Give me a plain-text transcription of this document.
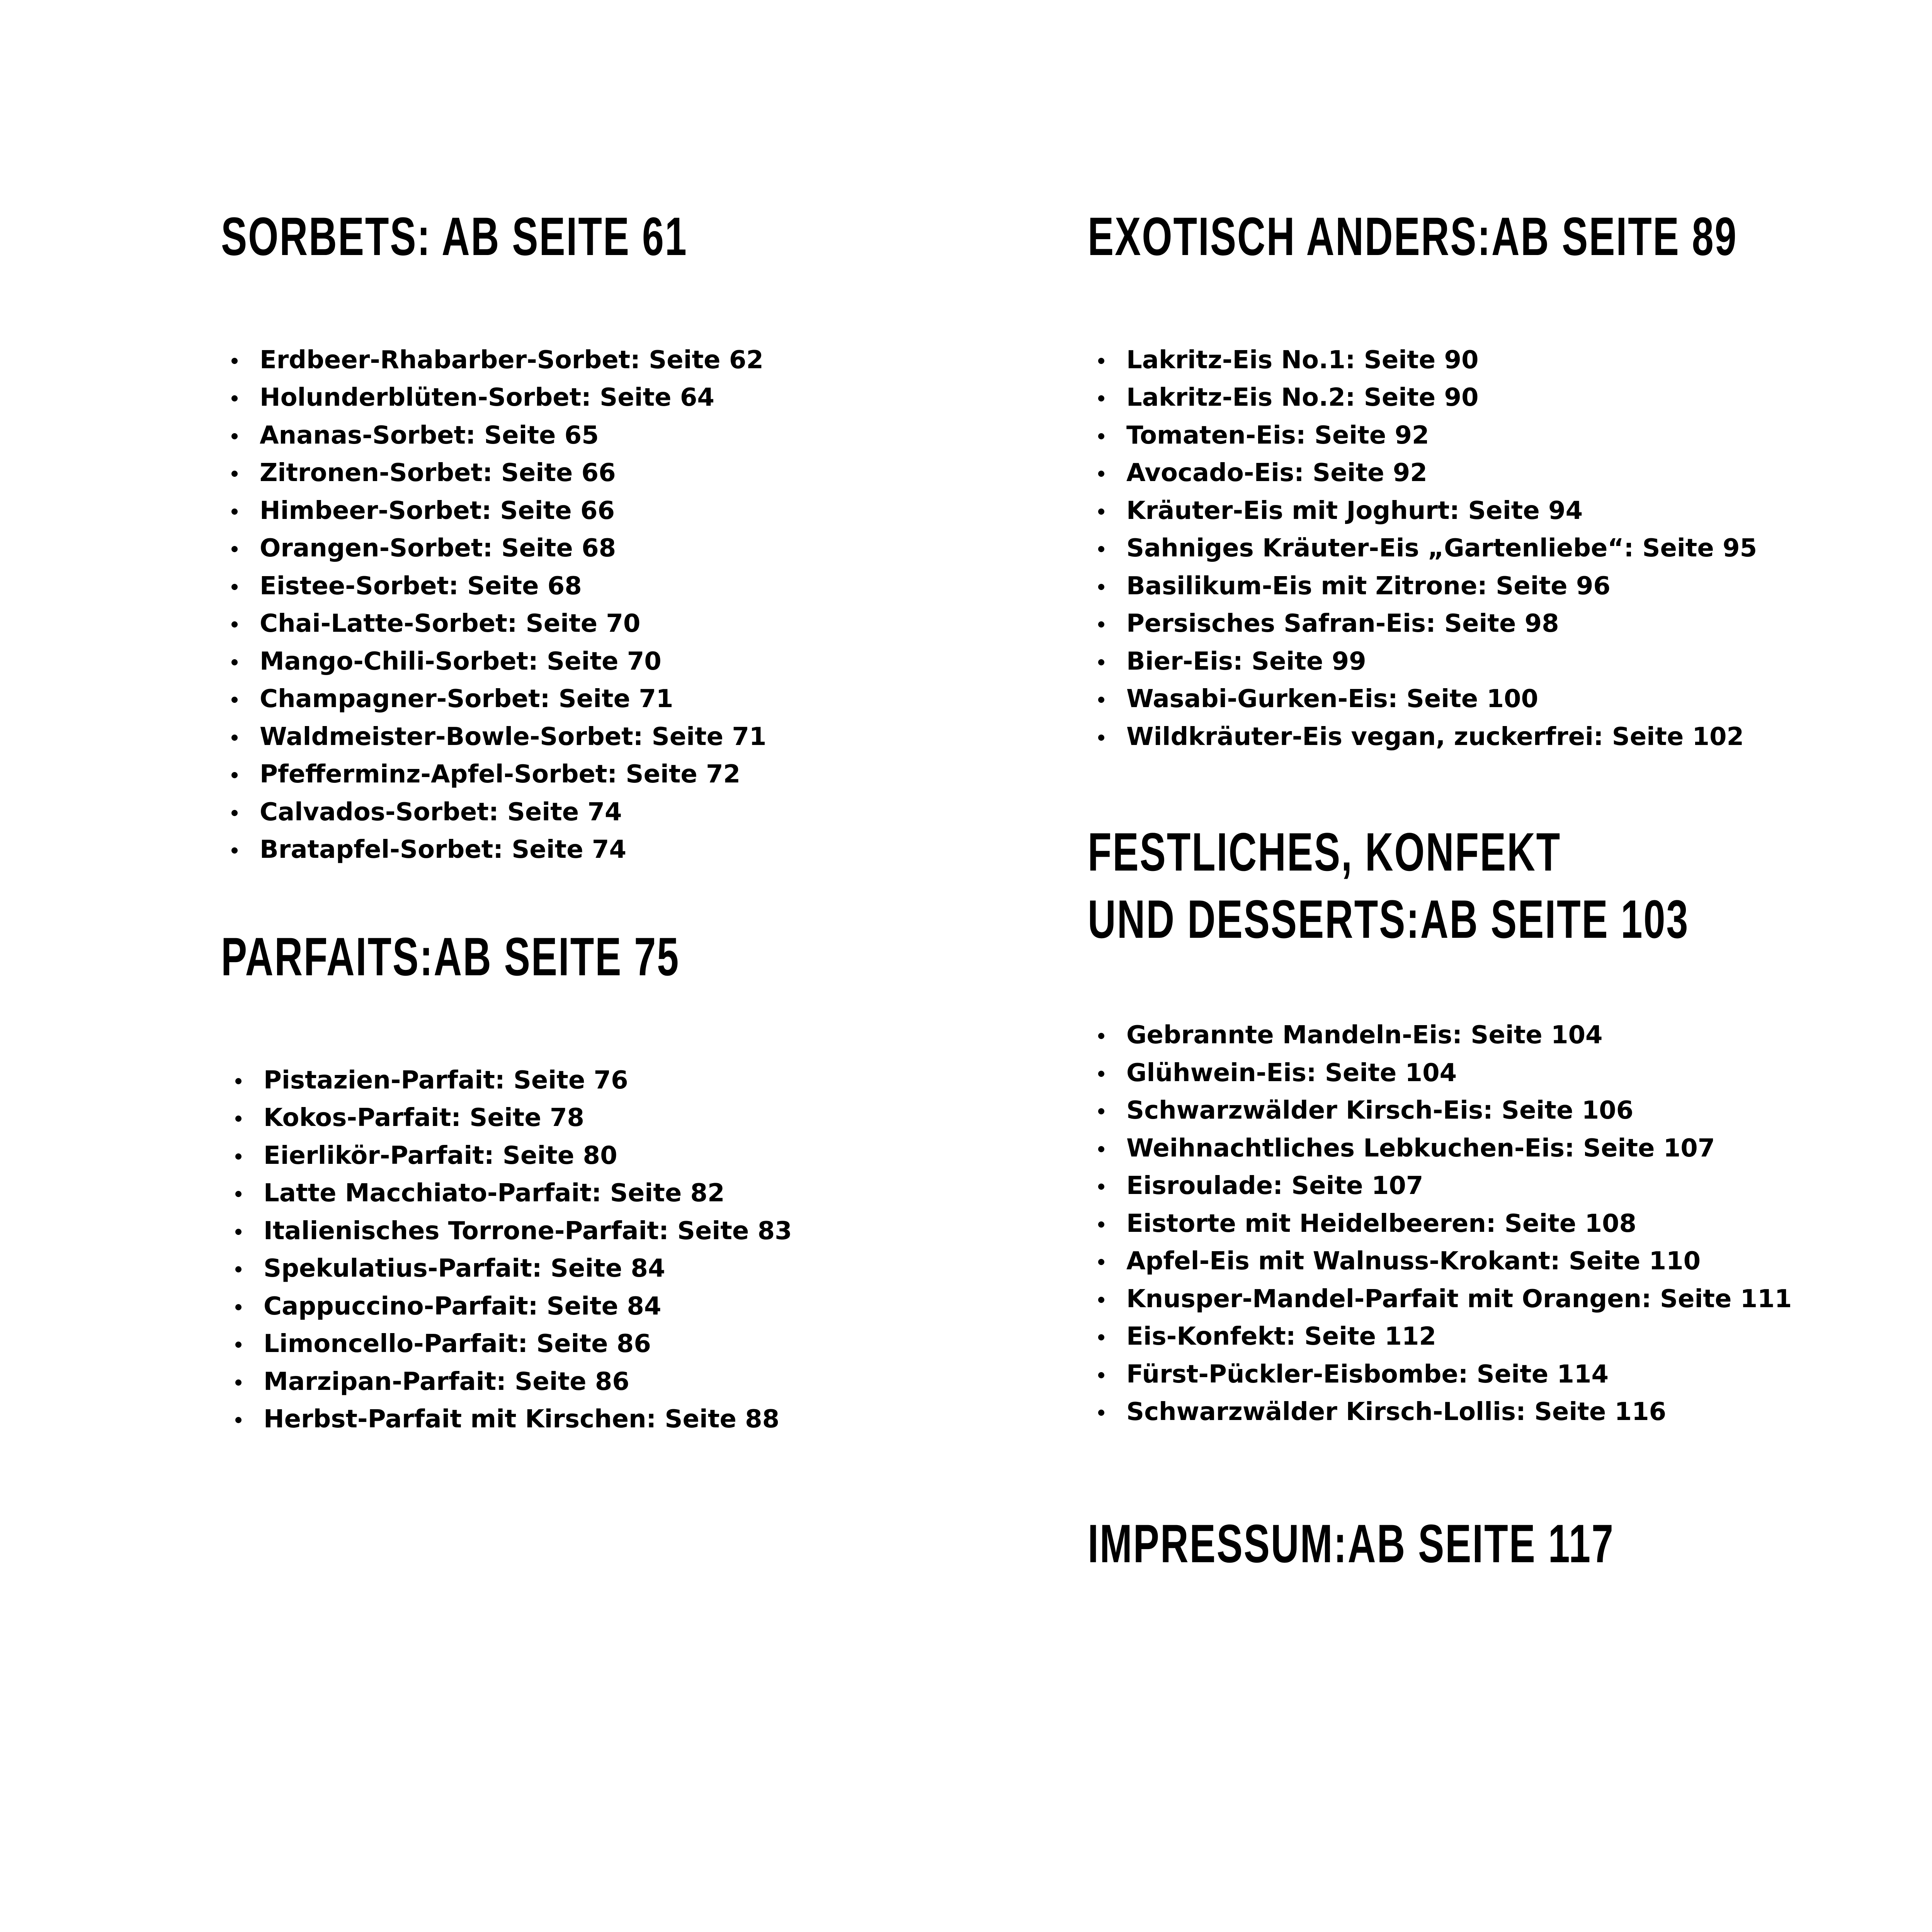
SORBETS: AB SEITE 61
Erdbeer-Rhabarber-Sorbet: Seite 62
Holunderblüten-Sorbet: Seite 64
Ananas-Sorbet: Seite 65
Zitronen-Sorbet: Seite 66
Himbeer-Sorbet: Seite 66
Orangen-Sorbet: Seite 68
Eistee-Sorbet: Seite 68
Chai-Latte-Sorbet: Seite 70
Mango-Chili-Sorbet: Seite 70
Champagner-Sorbet: Seite 71
Waldmeister-Bowle-Sorbet: Seite 71
Pfefferminz-Apfel-Sorbet: Seite 72
Calvados-Sorbet: Seite 74
Bratapfel-Sorbet: Seite 74
PARFAITS:AB SEITE 75
Pistazien-Parfait: Seite 76
Kokos-Parfait: Seite 78
Eierlikör-Parfait: Seite 80
Latte Macchiato-Parfait: Seite 82
Italienisches Torrone-Parfait: Seite 83
Spekulatius-Parfait: Seite 84
Cappuccino-Parfait: Seite 84
Limoncello-Parfait: Seite 86
Marzipan-Parfait: Seite 86
Herbst-Parfait mit Kirschen: Seite 88
EXOTISCH ANDERS:AB SEITE 89
Lakritz-Eis No.1: Seite 90
Lakritz-Eis No.2: Seite 90
Tomaten-Eis: Seite 92
Avocado-Eis: Seite 92
Kräuter-Eis mit Joghurt: Seite 94
Sahniges Kräuter-Eis „Gartenliebe“: Seite 95
Basilikum-Eis mit Zitrone: Seite 96
Persisches Safran-Eis: Seite 98
Bier-Eis: Seite 99
Wasabi-Gurken-Eis: Seite 100
Wildkräuter-Eis vegan, zuckerfrei: Seite 102
FESTLICHES, KONFEKT
UND DESSERTS:AB SEITE 103
Gebrannte Mandeln-Eis: Seite 104
Glühwein-Eis: Seite 104
Schwarzwälder Kirsch-Eis: Seite 106
Weihnachtliches Lebkuchen-Eis: Seite 107
Eisroulade: Seite 107
Eistorte mit Heidelbeeren: Seite 108
Apfel-Eis mit Walnuss-Krokant: Seite 110
Knusper-Mandel-Parfait mit Orangen: Seite 111
Eis-Konfekt: Seite 112
Fürst-Pückler-Eisbombe: Seite 114
Schwarzwälder Kirsch-Lollis: Seite 116
IMPRESSUM:AB SEITE 117
